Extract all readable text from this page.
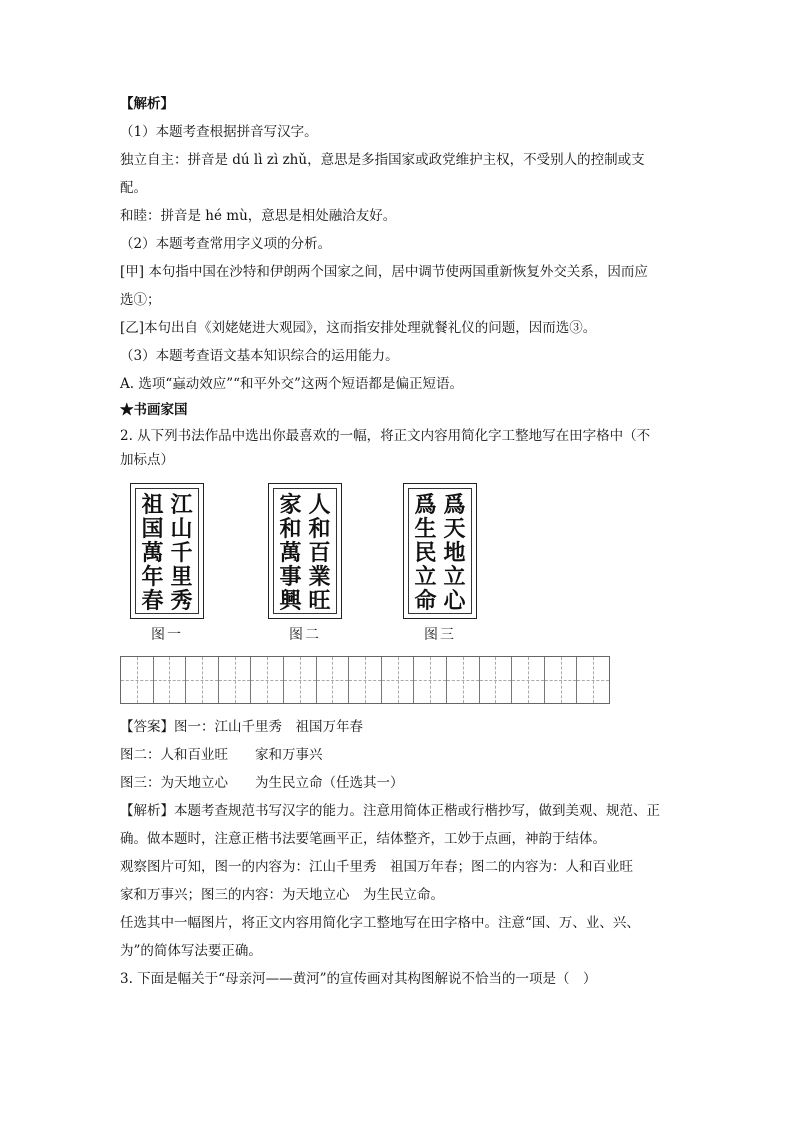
【解析】
（1）本题考查根据拼音写汉字。
独立自主：拼音是 dú lì zì zhǔ，意思是多指国家或政党维护主权，不受别人的控制或支
配。
和睦：拼音是 hé mù，意思是相处融洽友好。
（2）本题考查常用字义项的分析。
[甲] 本句指中国在沙特和伊朗两个国家之间，居中调节使两国重新恢复外交关系，因而应
选①；
[乙]本句出自《刘姥姥进大观园》，这而指安排处理就餐礼仪的问题，因而选③。
（3）本题考查语文基本知识综合的运用能力。
A. 选项“蝱动效应”“和平外交”这两个短语都是偏正短语。
★书画家国
2. 从下列书法作品中选出你最喜欢的一幅，将正文内容用简化字工整地写在田字格中（不
加标点）
【答案】图一：江山千里秀　祖国万年春
图二：人和百业旺　　家和万事兴
图三：为天地立心　　为生民立命（任选其一）
【解析】本题考查规范书写汉字的能力。注意用简体正楷或行楷抄写，做到美观、规范、正
确。做本题时，注意正楷书法要笔画平正，结体整齐，工妙于点画，神韵于结体。
观察图片可知，图一的内容为：江山千里秀　祖国万年春；图二的内容为：人和百业旺
家和万事兴；图三的内容：为天地立心　为生民立命。
任选其中一幅图片，将正文内容用简化字工整地写在田字格中。注意“国、万、业、兴、
为”的简体写法要正确。
3. 下面是幅关于“母亲河——黄河”的宣传画对其构图解说不恰当的一项是（　）
江
山
千
里
秀
祖
国
萬
年
春
图一
人
和
百
業
旺
家
和
萬
事
興
图二
爲
天
地
立
心
爲
生
民
立
命
图三
